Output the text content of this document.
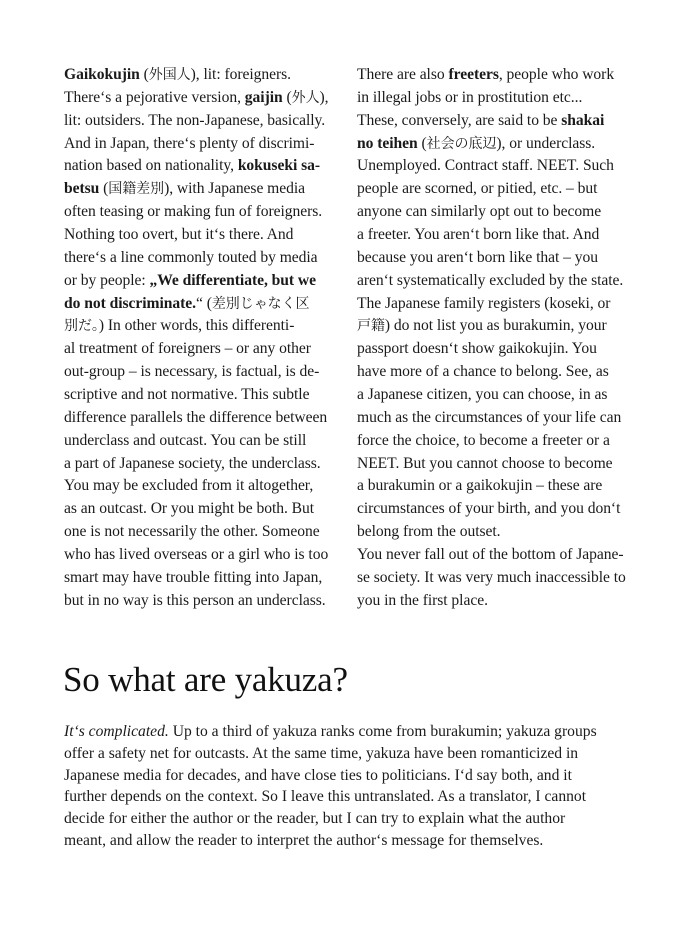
Gaikokujin (外国人), lit: foreigners.
There‘s a pejorative version, gaijin (外人),
lit: outsiders. The non-Japanese, basically.
And in Japan, there‘s plenty of discrimi-
nation based on nationality, kokuseki sa-
betsu (国籍差別), with Japanese media
often teasing or making fun of foreigners.
Nothing too overt, but it‘s there. And
there‘s a line commonly touted by media
or by people: „We differentiate, but we
do not discriminate.“ (差別じゃなく区
別だ。) In other words, this differenti-
al treatment of foreigners – or any other
out-group – is necessary, is factual, is de-
scriptive and not normative. This subtle
difference parallels the difference between
underclass and outcast. You can be still
a part of Japanese society, the underclass.
You may be excluded from it altogether,
as an outcast. Or you might be both. But
one is not necessarily the other. Someone
who has lived overseas or a girl who is too
smart may have trouble fitting into Japan,
but in no way is this person an underclass.
There are also freeters, people who work
in illegal jobs or in prostitution etc...
These, conversely, are said to be shakai
no teihen (社会の底辺), or underclass.
Unemployed. Contract staff. NEET. Such
people are scorned, or pitied, etc. – but
anyone can similarly opt out to become
a freeter. You aren‘t born like that. And
because you aren‘t born like that – you
aren‘t systematically excluded by the state.
The Japanese family registers (koseki, or
戸籍) do not list you as burakumin, your
passport doesn‘t show gaikokujin. You
have more of a chance to belong. See, as
a Japanese citizen, you can choose, in as
much as the circumstances of your life can
force the choice, to become a freeter or a
NEET. But you cannot choose to become
a burakumin or a gaikokujin – these are
circumstances of your birth, and you don‘t
belong from the outset.
You never fall out of the bottom of Japane-
se society. It was very much inaccessible to
you in the first place.
So what are yakuza?
It‘s complicated. Up to a third of yakuza ranks come from burakumin; yakuza groups
offer a safety net for outcasts. At the same time, yakuza have been romanticized in
Japanese media for decades, and have close ties to politicians. I‘d say both, and it
further depends on the context. So I leave this untranslated. As a translator, I cannot
decide for either the author or the reader, but I can try to explain what the author
meant, and allow the reader to interpret the author‘s message for themselves.
